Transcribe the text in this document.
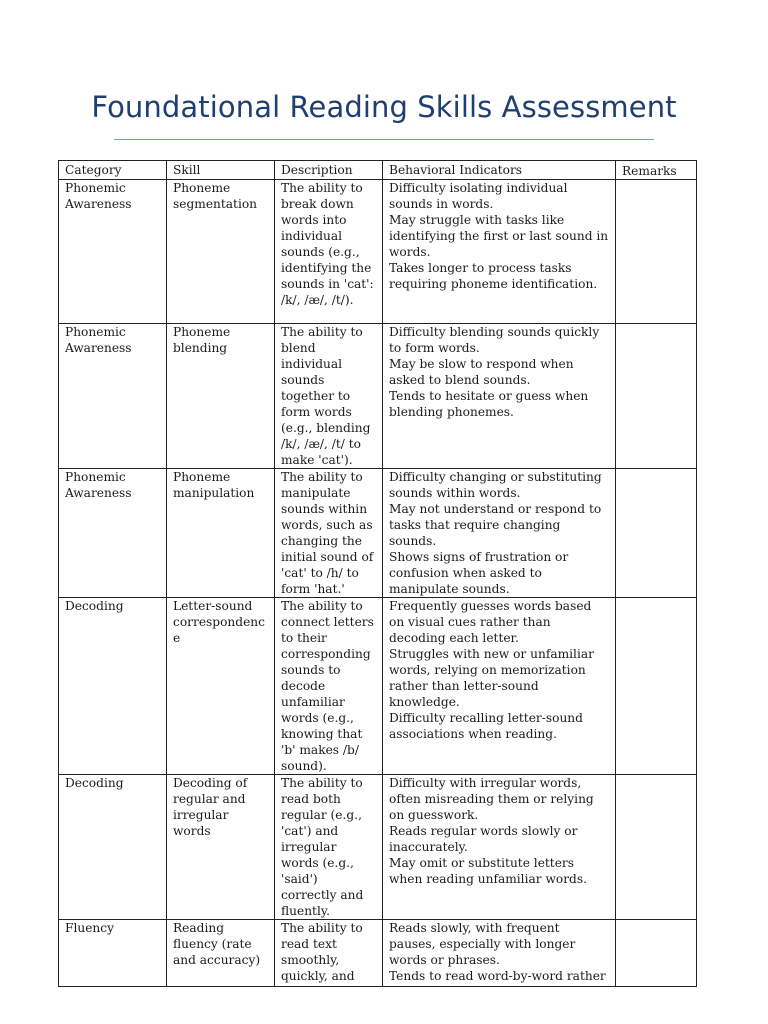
Foundational Reading Skills Assessment
Category	Skill	Description	Behavioral Indicators	Remarks
Phonemic Awareness	Phoneme segmentation	The ability to break down words into individual sounds (e.g., identifying the sounds in 'cat': /k/, /æ/, /t/).	Difficulty isolating individual sounds in words.
May struggle with tasks like identifying the first or last sound in words.
Takes longer to process tasks requiring phoneme identification.	

Phonemic Awareness	Phoneme blending	The ability to blend individual sounds together to form words (e.g., blending /k/, /æ/, /t/ to make 'cat').	Difficulty blending sounds quickly to form words.
May be slow to respond when asked to blend sounds.
Tends to hesitate or guess when blending phonemes.	

Phonemic Awareness	Phoneme manipulation	The ability to manipulate sounds within words, such as changing the initial sound of 'cat' to /h/ to form 'hat.'	Difficulty changing or substituting sounds within words.
May not understand or respond to tasks that require changing sounds.
Shows signs of frustration or confusion when asked to manipulate sounds.	

Decoding	Letter-sound correspondence	The ability to connect letters to their corresponding sounds to decode unfamiliar words (e.g., knowing that 'b' makes /b/ sound).	Frequently guesses words based on visual cues rather than decoding each letter.
Struggles with new or unfamiliar words, relying on memorization rather than letter-sound knowledge.
Difficulty recalling letter-sound associations when reading.	

Decoding	Decoding of regular and irregular words	The ability to read both regular (e.g., 'cat') and irregular words (e.g., 'said') correctly and fluently.	Difficulty with irregular words, often misreading them or relying on guesswork.
Reads regular words slowly or inaccurately.
May omit or substitute letters when reading unfamiliar words.	

Fluency	Reading fluency (rate and accuracy)	The ability to read text smoothly, quickly, and	Reads slowly, with frequent pauses, especially with longer words or phrases.
Tends to read word-by-word rather	
